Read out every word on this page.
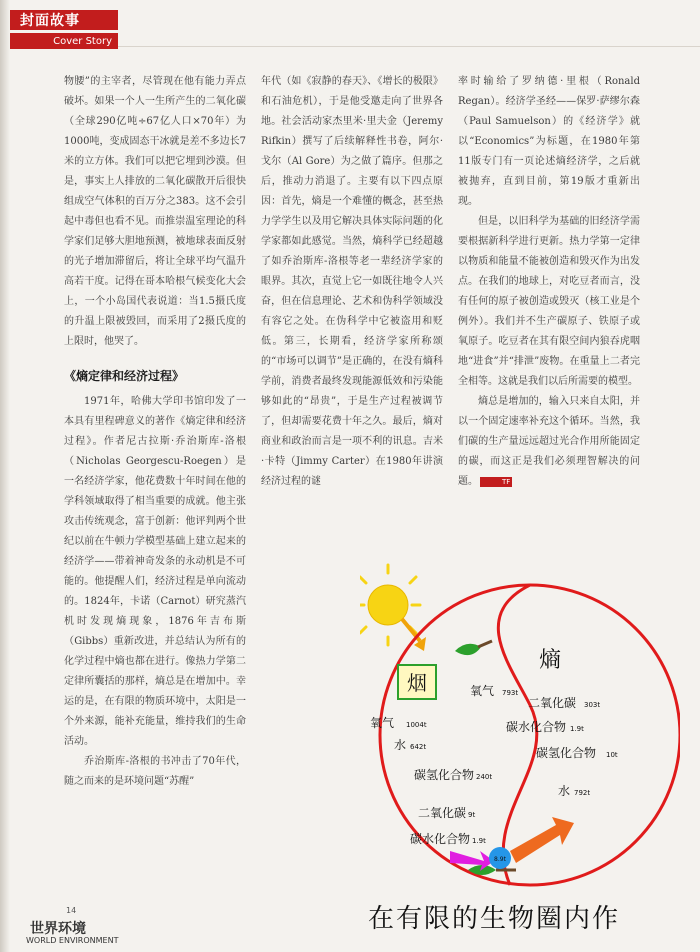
封面故事
Cover Story

物腰”的主宰者，尽管现在他有能力弄点破坏。如果一个人一生所产生的二氧化碳（全球290亿吨÷67亿人口×70年）为1000吨，变成固态干冰就是差不多边长7米的立方体。我们可以把它埋到沙漠。但是，事实上人排放的二氧化碳散开后很快组成空气体积的百万分之383。这不会引起中毒但也看不见。而推崇温室理论的科学家们足够大胆地预测，被地球表面反射的光子增加滞留后，将让全球平均气温升高若干度。记得在哥本哈根气候变化大会上，一个小岛国代表说道：当1.5摄氏度的升温上限被毁回，而采用了2摄氏度的上限时，他哭了。

《熵定律和经济过程》

1971年，哈佛大学印书馆印发了一本具有里程碑意义的著作《熵定律和经济过程》。作者尼古拉斯·乔治斯库-洛根（Nicholas Georgescu-Roegen）是一名经济学家，他花费数十年时间在他的学科领域取得了相当重要的成就。他主张攻击传统观念，富于创新：他评判两个世纪以前在牛顿力学模型基础上建立起来的经济学——带着神奇发条的永动机是不可能的。他提醒人们，经济过程是单向流动的。1824年，卡诺（Carnot）研究蒸汽机时发现熵现象，1876年吉布斯（Gibbs）重新改进，并总结认为所有的化学过程中熵也都在进行。像热力学第二定律所囊括的那样，熵总是在增加中。幸运的是，在有限的物质环境中，太阳是一个外来源，能补充能量，维持我们的生命活动。

乔治斯库-洛根的书冲击了70年代，随之而来的是环境问题“苏醒”

年代（如《寂静的春天》、《增长的极限》和石油危机），于是他受邀走向了世界各地。社会活动家杰里米·里夫金（Jeremy Rifkin）撰写了后续解释性书卷，阿尔·戈尔（Al Gore）为之做了篇序。但那之后，推动力消退了。主要有以下四点原因：首先，熵是一个难懂的概念，甚至热力学学生以及用它解决具体实际问题的化学家都如此感觉。当然，熵科学已经超越了如乔治斯库-洛根等老一辈经济学家的眼界。其次，直觉上它一如既往地令人兴奋，但在信息理论、艺术和伪科学领域没有容它之处。在伪科学中它被盗用和贬低。第三，长期看，经济学家所称颂的“市场可以调节”是正确的，在没有熵科学前，消费者最终发现能源低效和污染能够如此的“昂贵”，于是生产过程被调节了，但却需要花费十年之久。最后，熵对商业和政治而言是一项不利的讯息。吉米·卡特（Jimmy Carter）在1980年讲演经济过程的谜

率时输给了罗纳德·里根（Ronald Regan）。经济学圣经——保罗·萨缪尔森（Paul Samuelson）的《经济学》就以“Economics”为标题，在1980年第11版专门有一页论述熵经济学，之后就被抛弃，直到目前，第19版才重新出现。

但是，以旧科学为基础的旧经济学需要根据新科学进行更新。热力学第一定律以物质和能量不能被创造和毁灭作为出发点。在我们的地球上，对吃豆者而言，没有任何的原子被创造或毁灭（核工业是个例外）。我们并不生产碳原子、铁原子或氧原子。吃豆者在其有限空间内狼吞虎咽地“进食”并“排泄”废物。在重量上二者完全相等。这就是我们以后所需要的模型。

熵总是增加的，输入只来自太阳，并以一个固定速率补充这个循环。当然，我们碳的生产量远远超过光合作用所能固定的碳，而这正是我们必须理智解决的问题。	TF

烟
熵
氧气 1004t
水 642t
碳氢化合物 240t
二氧化碳 9t
碳水化合物 1.9t
氧气 793t
二氧化碳 303t
碳水化合物 1.9t
碳氢化合物 10t
水 792t
8.9t
在有限的生物圈内作
14
世界环境
WORLD ENVIRONMENT
